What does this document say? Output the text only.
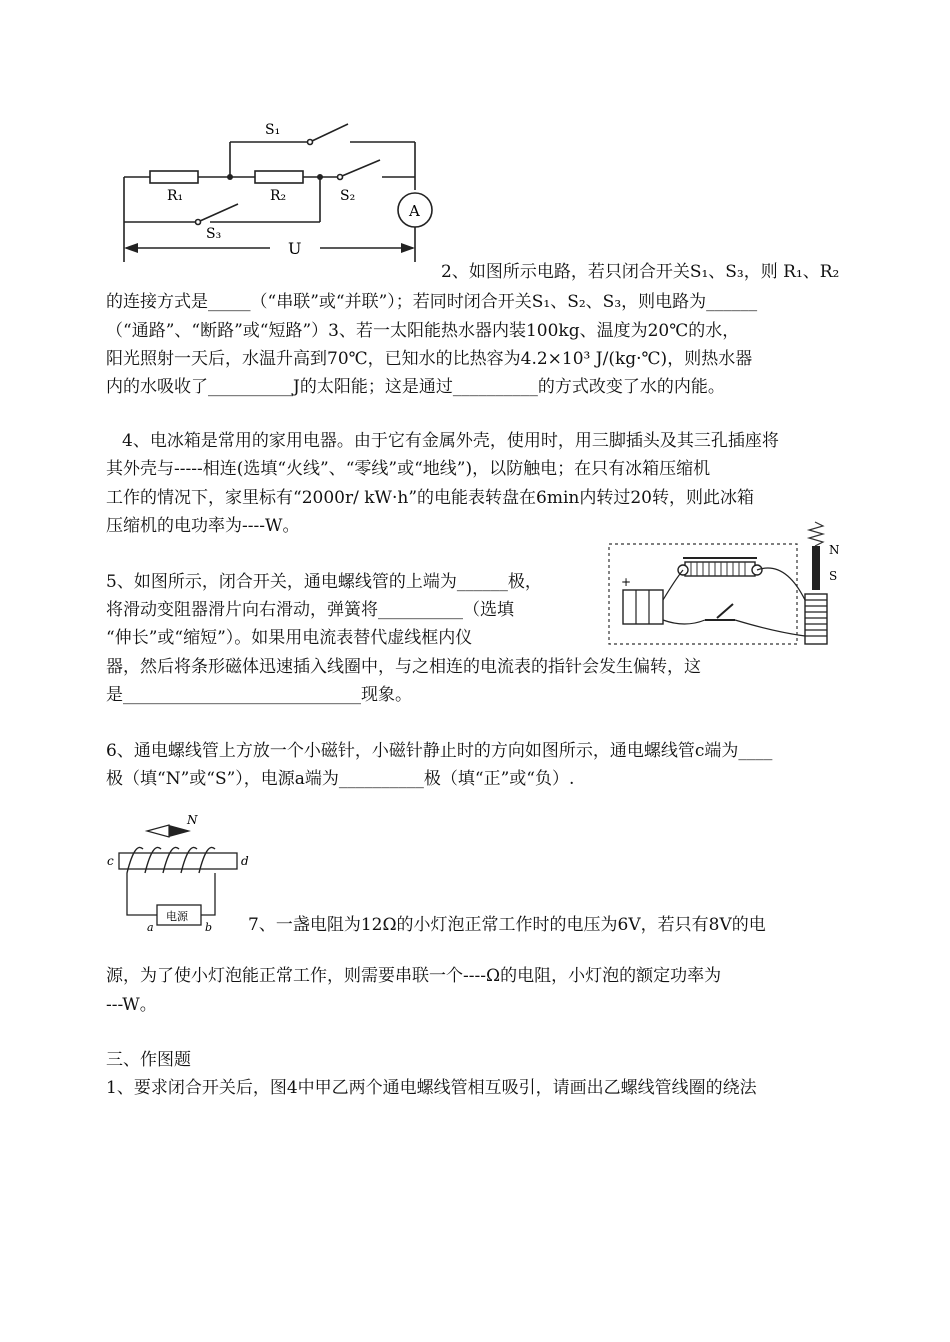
S₁
R₁	R₂	S₂
S₃
A
U
N
S
+
N
c	d
电源
a	b
2、如图所示电路，若只闭合开关S₁、S₃，则 R₁、R₂
的连接方式是_____（“串联”或“并联”）；若同时闭合开关S₁、S₂、S₃，则电路为______
（“通路”、“断路”或“短路”）3、若一太阳能热水器内装100kg、温度为20℃的水，
阳光照射一天后，水温升高到70℃，已知水的比热容为4.2×10³ J/(kg·℃)，则热水器
内的水吸收了__________J的太阳能；这是通过__________的方式改变了水的内能。
4、电冰箱是常用的家用电器。由于它有金属外壳，使用时，用三脚插头及其三孔插座将
其外壳与-----相连(选填“火线”、“零线”或“地线”)，以防触电；在只有冰箱压缩机
工作的情况下，家里标有“2000r/ kW·h”的电能表转盘在6min内转过20转，则此冰箱
压缩机的电功率为----W。
5、如图所示，闭合开关，通电螺线管的上端为______极，
将滑动变阻器滑片向右滑动，弹簧将__________（选填
“伸长”或“缩短”）。如果用电流表替代虚线框内仪
器，然后将条形磁体迅速插入线圈中，与之相连的电流表的指针会发生偏转，这
是____________________________现象。
6、通电螺线管上方放一个小磁针，小磁针静止时的方向如图所示，通电螺线管c端为____
极（填“N”或“S”），电源a端为__________极（填“正”或“负）.
7、一盏电阻为12Ω的小灯泡正常工作时的电压为6V，若只有8V的电
源，为了使小灯泡能正常工作，则需要串联一个----Ω的电阻，小灯泡的额定功率为
---W。
三、作图题
1、要求闭合开关后，图4中甲乙两个通电螺线管相互吸引，请画出乙螺线管线圈的绕法
